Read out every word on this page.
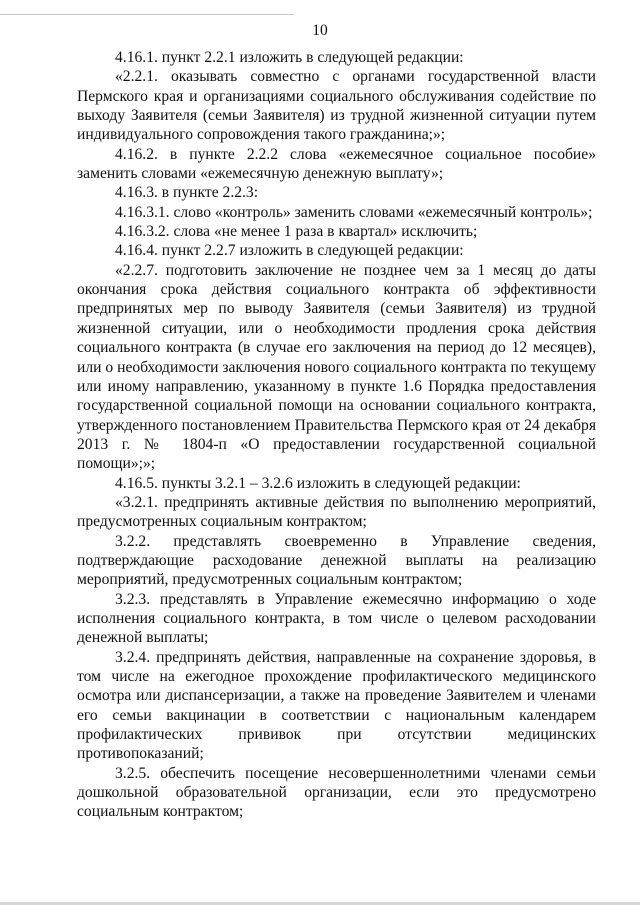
10

4.16.1. пункт 2.2.1 изложить в следующей редакции:

«2.2.1. оказывать совместно с органами государственной власти Пермского края и организациями социального обслуживания содействие по выходу Заявителя (семьи Заявителя) из трудной жизненной ситуации путем индивидуального сопровождения такого гражданина;»;

4.16.2. в пункте 2.2.2 слова «ежемесячное социальное пособие» заменить словами «ежемесячную денежную выплату»;

4.16.3. в пункте 2.2.3:

4.16.3.1. слово «контроль» заменить словами «ежемесячный контроль»;

4.16.3.2. слова «не менее 1 раза в квартал» исключить;

4.16.4. пункт 2.2.7 изложить в следующей редакции:

«2.2.7. подготовить заключение не позднее чем за 1 месяц до даты окончания срока действия социального контракта об эффективности предпринятых мер по выводу Заявителя (семьи Заявителя) из трудной жизненной ситуации, или о необходимости продления срока действия социального контракта (в случае его заключения на период до 12 месяцев), или о необходимости заключения нового социального контракта по текущему или иному направлению, указанному в пункте 1.6 Порядка предоставления государственной социальной помощи на основании социального контракта, утвержденного постановлением Правительства Пермского края от 24 декабря 2013 г. № 1804-п «О предоставлении государственной социальной помощи»;»;

4.16.5. пункты 3.2.1 – 3.2.6 изложить в следующей редакции:

«3.2.1. предпринять активные действия по выполнению мероприятий, предусмотренных социальным контрактом;

3.2.2. представлять своевременно в Управление сведения, подтверждающие расходование денежной выплаты на реализацию мероприятий, предусмотренных социальным контрактом;

3.2.3. представлять в Управление ежемесячно информацию о ходе исполнения социального контракта, в том числе о целевом расходовании денежной выплаты;

3.2.4. предпринять действия, направленные на сохранение здоровья, в том числе на ежегодное прохождение профилактического медицинского осмотра или диспансеризации, а также на проведение Заявителем и членами его семьи вакцинации в соответствии с национальным календарем профилактических прививок при отсутствии медицинских противопоказаний;

3.2.5. обеспечить посещение несовершеннолетними членами семьи дошкольной образовательной организации, если это предусмотрено социальным контрактом;
